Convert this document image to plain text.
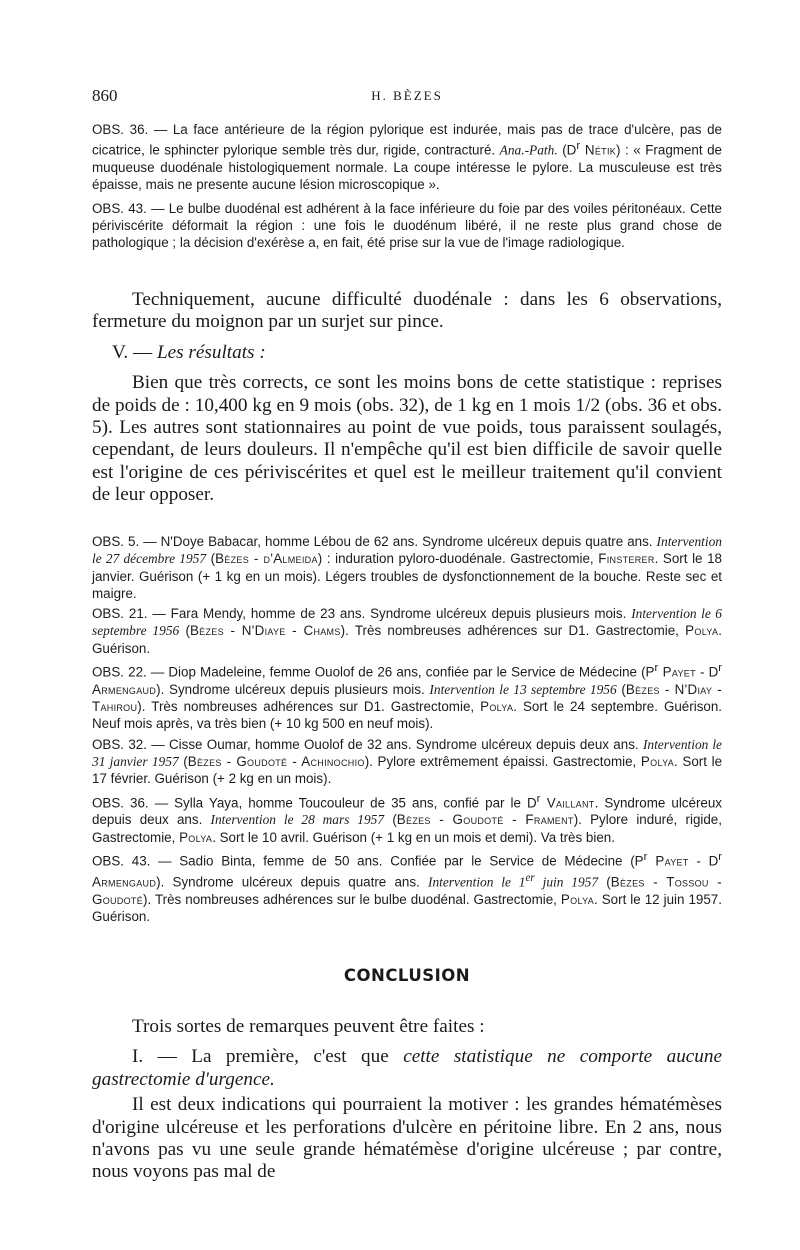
860	H. BÈZES

OBS. 36. — La face antérieure de la région pylorique est indurée, mais pas de trace d'ulcère, pas de cicatrice, le sphincter pylorique semble très dur, rigide, contracturé. Ana.-Path. ($D^r$ Nétik) : « Fragment de muqueuse duodénale histologiquement normale. La coupe intéresse le pylore. La musculeuse est très épaisse, mais ne presente aucune lésion microscopique ».

OBS. 43. — Le bulbe duodénal est adhérent à la face inférieure du foie par des voiles péritonéaux. Cette périviscérite déformait la région : une fois le duodénum libéré, il ne reste plus grand chose de pathologique ; la décision d'exérèse a, en fait, été prise sur la vue de l'image radiologique.

Techniquement, aucune difficulté duodénale : dans les 6 observations, fermeture du moignon par un surjet sur pince.

V. — Les résultats :

Bien que très corrects, ce sont les moins bons de cette statistique : reprises de poids de : 10,400 kg en 9 mois (obs. 32), de 1 kg en 1 mois 1/2 (obs. 36 et obs. 5). Les autres sont stationnaires au point de vue poids, tous paraissent soulagés, cependant, de leurs douleurs. Il n'empêche qu'il est bien difficile de savoir quelle est l'origine de ces périviscérites et quel est le meilleur traitement qu'il convient de leur opposer.

OBS. 5. — N'Doye Babacar, homme Lébou de 62 ans. Syndrome ulcéreux depuis quatre ans. Intervention le 27 décembre 1957 (Bèzes - d'Almeida) : induration pyloro-duodénale. Gastrectomie, Finsterer. Sort le 18 janvier. Guérison (+ 1 kg en un mois). Légers troubles de dysfonctionnement de la bouche. Reste sec et maigre.

OBS. 21. — Fara Mendy, homme de 23 ans. Syndrome ulcéreux depuis plusieurs mois. Intervention le 6 septembre 1956 (Bèzes - N'Diaye - Chams). Très nombreuses adhérences sur D1. Gastrectomie, Polya. Guérison.

OBS. 22. — Diop Madeleine, femme Ouolof de 26 ans, confiée par le Service de Médecine ($P^r$ Payet - $D^r$ Armengaud). Syndrome ulcéreux depuis plusieurs mois. Intervention le 13 septembre 1956 (Bèzes - N'Diay - Tahirou). Très nombreuses adhérences sur D1. Gastrectomie, Polya. Sort le 24 septembre. Guérison. Neuf mois après, va très bien (+ 10 kg 500 en neuf mois).

OBS. 32. — Cisse Oumar, homme Ouolof de 32 ans. Syndrome ulcéreux depuis deux ans. Intervention le 31 janvier 1957 (Bèzes - Goudoté - Achinochio). Pylore extrêmement épaissi. Gastrectomie, Polya. Sort le 17 février. Guérison (+ 2 kg en un mois).

OBS. 36. — Sylla Yaya, homme Toucouleur de 35 ans, confié par le $D^r$ Vaillant. Syndrome ulcéreux depuis deux ans. Intervention le 28 mars 1957 (Bèzes - Goudoté - Frament). Pylore induré, rigide, Gastrectomie, Polya. Sort le 10 avril. Guérison (+ 1 kg en un mois et demi). Va très bien.

OBS. 43. — Sadio Binta, femme de 50 ans. Confiée par le Service de Médecine ($P^r$ Payet - $D^r$ Armengaud). Syndrome ulcéreux depuis quatre ans. Intervention le 1er juin 1957 (Bèzes - Tossou - Goudoté). Très nombreuses adhérences sur le bulbe duodénal. Gastrectomie, Polya. Sort le 12 juin 1957. Guérison.

CONCLUSION

Trois sortes de remarques peuvent être faites :

I. — La première, c'est que cette statistique ne comporte aucune gastrectomie d'urgence.

Il est deux indications qui pourraient la motiver : les grandes hématémèses d'origine ulcéreuse et les perforations d'ulcère en péritoine libre. En 2 ans, nous n'avons pas vu une seule grande hématémèse d'origine ulcéreuse ; par contre, nous voyons pas mal de
